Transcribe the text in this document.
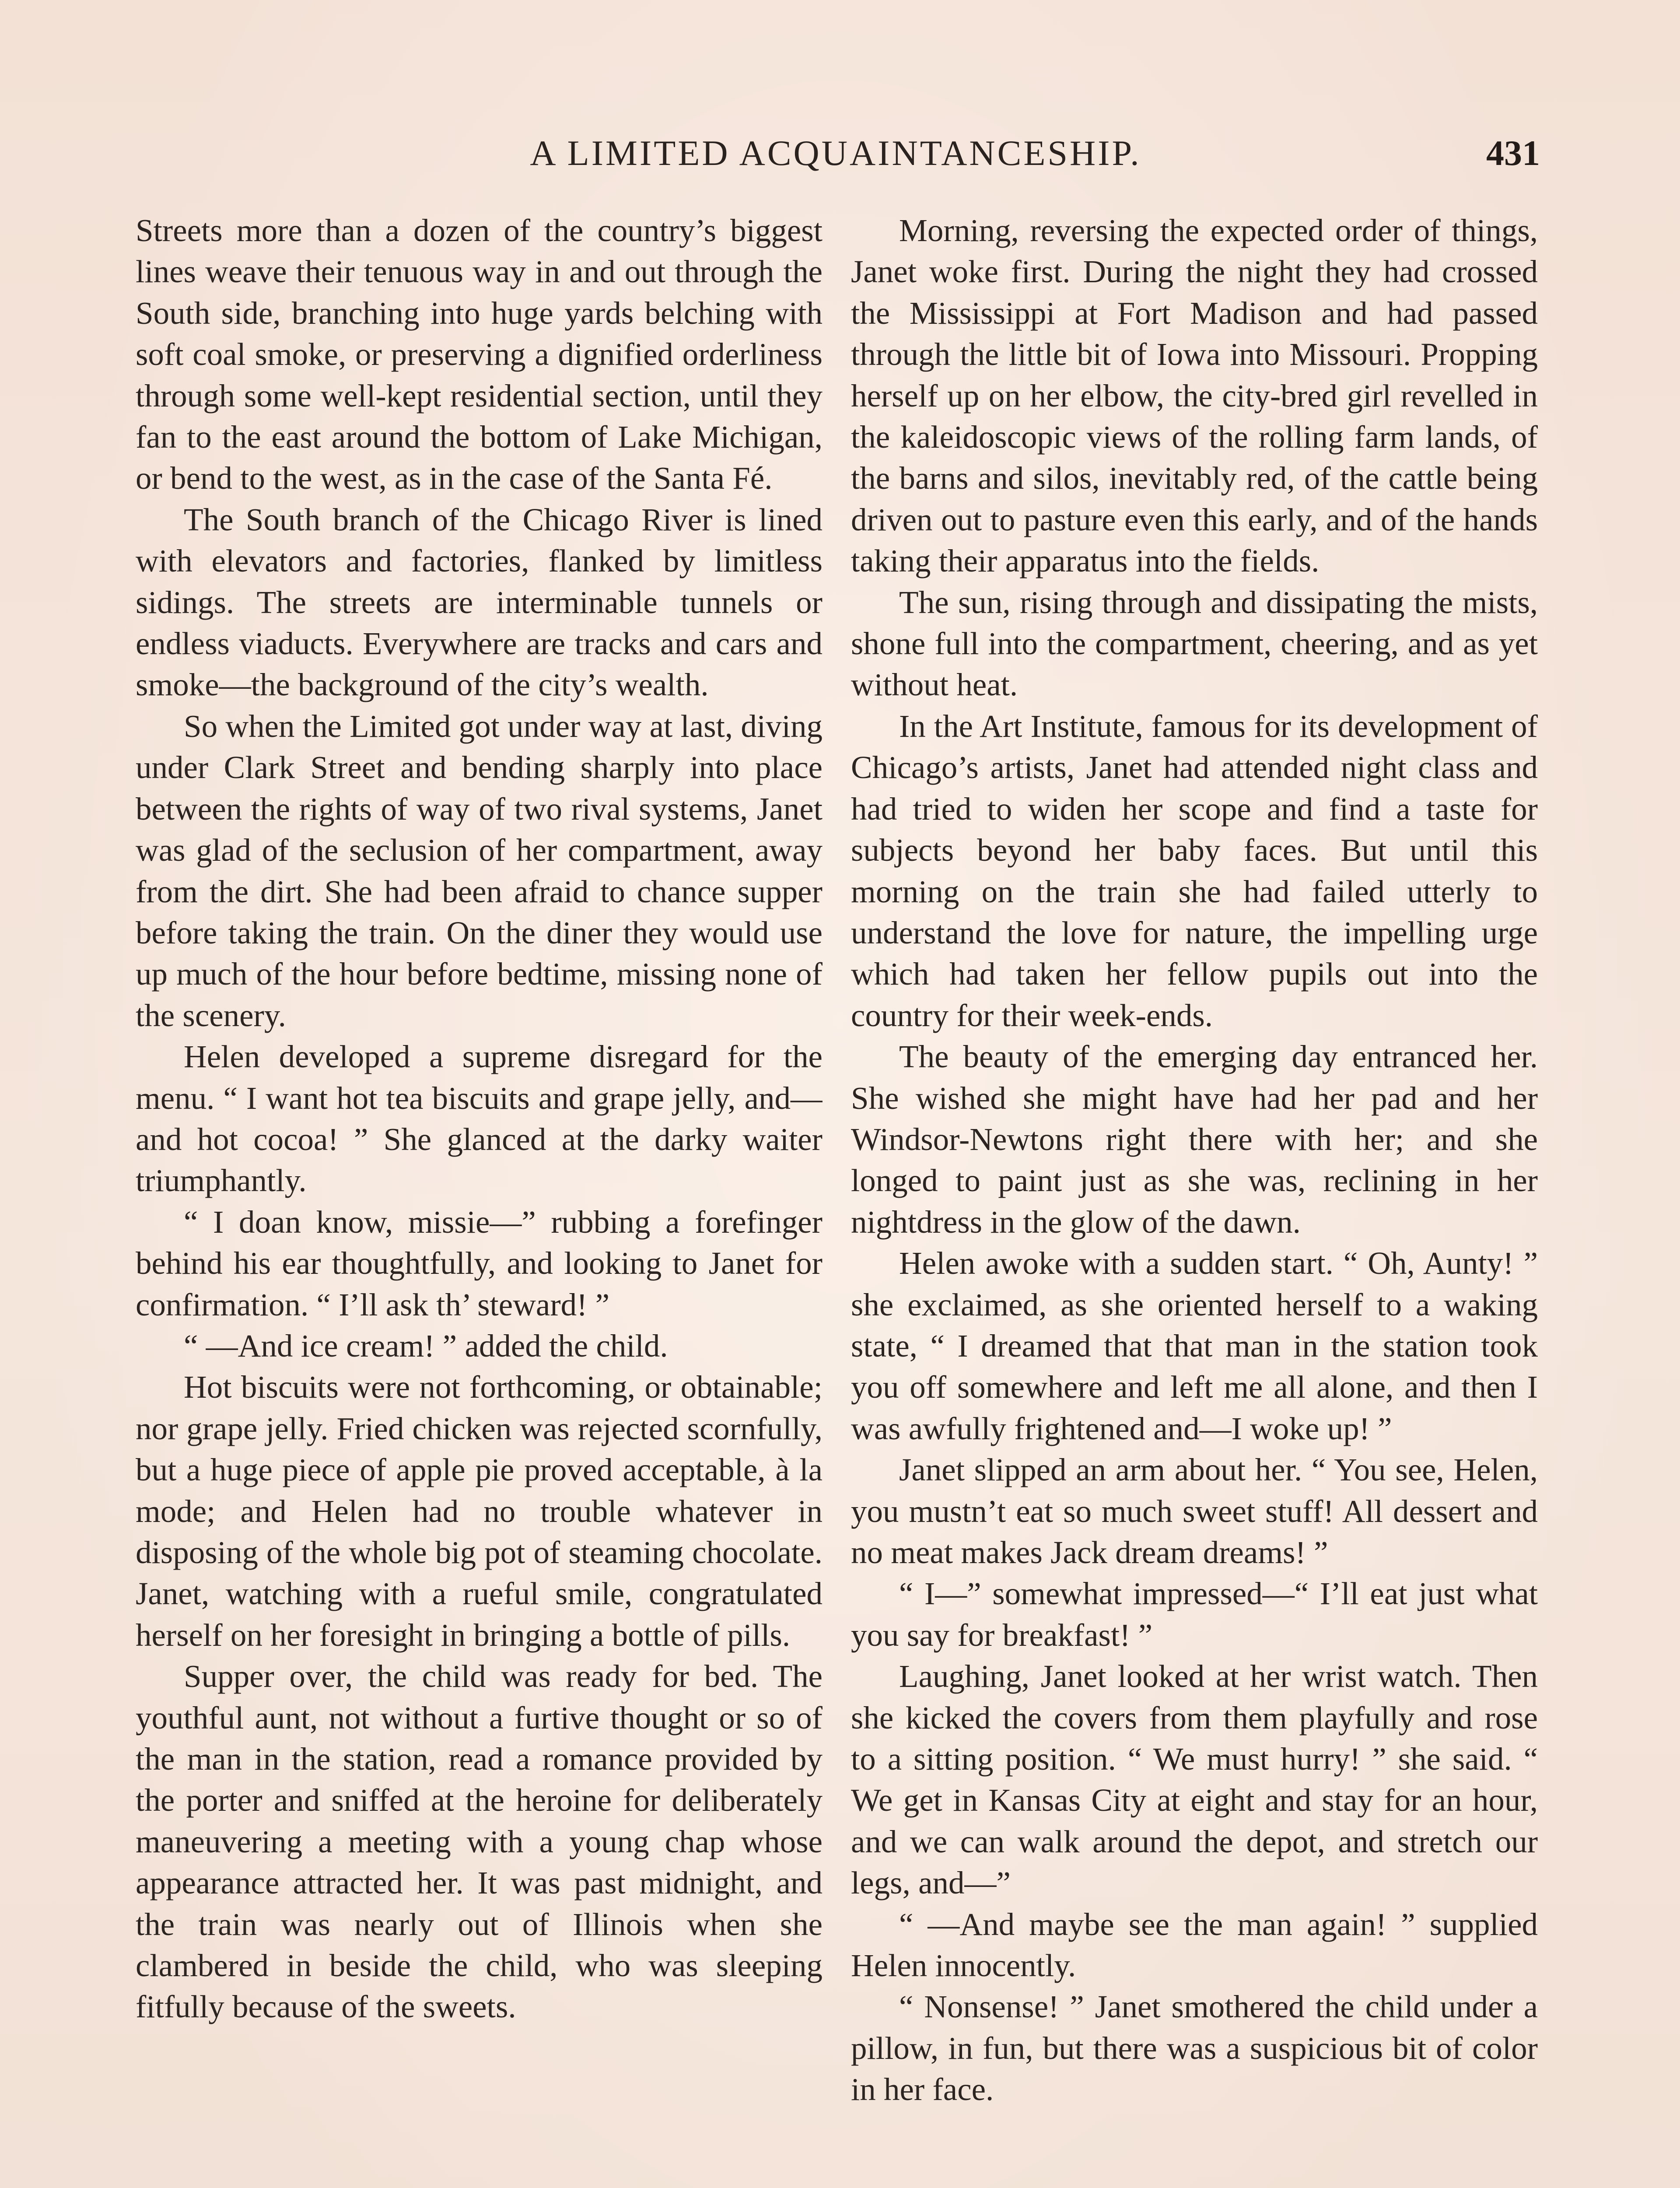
A LIMITED ACQUAINTANCESHIP.	431

Streets more than a dozen of the country’s biggest lines weave their tenuous way in and out through the South side, branching into huge yards belching with soft coal smoke, or preserving a dignified orderliness through some well-kept residential section, until they fan to the east around the bottom of Lake Michigan, or bend to the west, as in the case of the Santa Fé.

The South branch of the Chicago River is lined with elevators and factories, flanked by limitless sidings. The streets are interminable tunnels or endless viaducts. Everywhere are tracks and cars and smoke—the background of the city’s wealth.

So when the Limited got under way at last, diving under Clark Street and bending sharply into place between the rights of way of two rival systems, Janet was glad of the seclusion of her compartment, away from the dirt. She had been afraid to chance supper before taking the train. On the diner they would use up much of the hour before bedtime, missing none of the scenery.

Helen developed a supreme disregard for the menu. “ I want hot tea biscuits and grape jelly, and—and hot cocoa! ” She glanced at the darky waiter triumphantly.

“ I doan know, missie—” rubbing a forefinger behind his ear thoughtfully, and looking to Janet for confirmation. “ I’ll ask th’ steward! ”

“ —And ice cream! ” added the child.

Hot biscuits were not forthcoming, or obtainable; nor grape jelly. Fried chicken was rejected scornfully, but a huge piece of apple pie proved acceptable, à la mode; and Helen had no trouble whatever in disposing of the whole big pot of steaming chocolate. Janet, watching with a rueful smile, congratulated herself on her foresight in bringing a bottle of pills.

Supper over, the child was ready for bed. The youthful aunt, not without a furtive thought or so of the man in the station, read a romance provided by the porter and sniffed at the heroine for deliberately maneuvering a meeting with a young chap whose appearance attracted her. It was past midnight, and the train was nearly out of Illinois when she clambered in beside the child, who was sleeping fitfully because of the sweets.

Morning, reversing the expected order of things, Janet woke first. During the night they had crossed the Mississippi at Fort Madison and had passed through the little bit of Iowa into Missouri. Propping herself up on her elbow, the city-bred girl revelled in the kaleidoscopic views of the rolling farm lands, of the barns and silos, inevitably red, of the cattle being driven out to pasture even this early, and of the hands taking their apparatus into the fields.

The sun, rising through and dissipating the mists, shone full into the compartment, cheering, and as yet without heat.

In the Art Institute, famous for its development of Chicago’s artists, Janet had attended night class and had tried to widen her scope and find a taste for subjects beyond her baby faces. But until this morning on the train she had failed utterly to understand the love for nature, the impelling urge which had taken her fellow pupils out into the country for their week-ends.

The beauty of the emerging day entranced her. She wished she might have had her pad and her Windsor-Newtons right there with her; and she longed to paint just as she was, reclining in her nightdress in the glow of the dawn.

Helen awoke with a sudden start. “ Oh, Aunty! ” she exclaimed, as she oriented herself to a waking state, “ I dreamed that that man in the station took you off somewhere and left me all alone, and then I was awfully frightened and—I woke up! ”

Janet slipped an arm about her. “ You see, Helen, you mustn’t eat so much sweet stuff! All dessert and no meat makes Jack dream dreams! ”

“ I—” somewhat impressed—“ I’ll eat just what you say for breakfast! ”

Laughing, Janet looked at her wrist watch. Then she kicked the covers from them playfully and rose to a sitting position. “ We must hurry! ” she said. “ We get in Kansas City at eight and stay for an hour, and we can walk around the depot, and stretch our legs, and—”

“ —And maybe see the man again! ” supplied Helen innocently.

“ Nonsense! ” Janet smothered the child under a pillow, in fun, but there was a suspicious bit of color in her face.
